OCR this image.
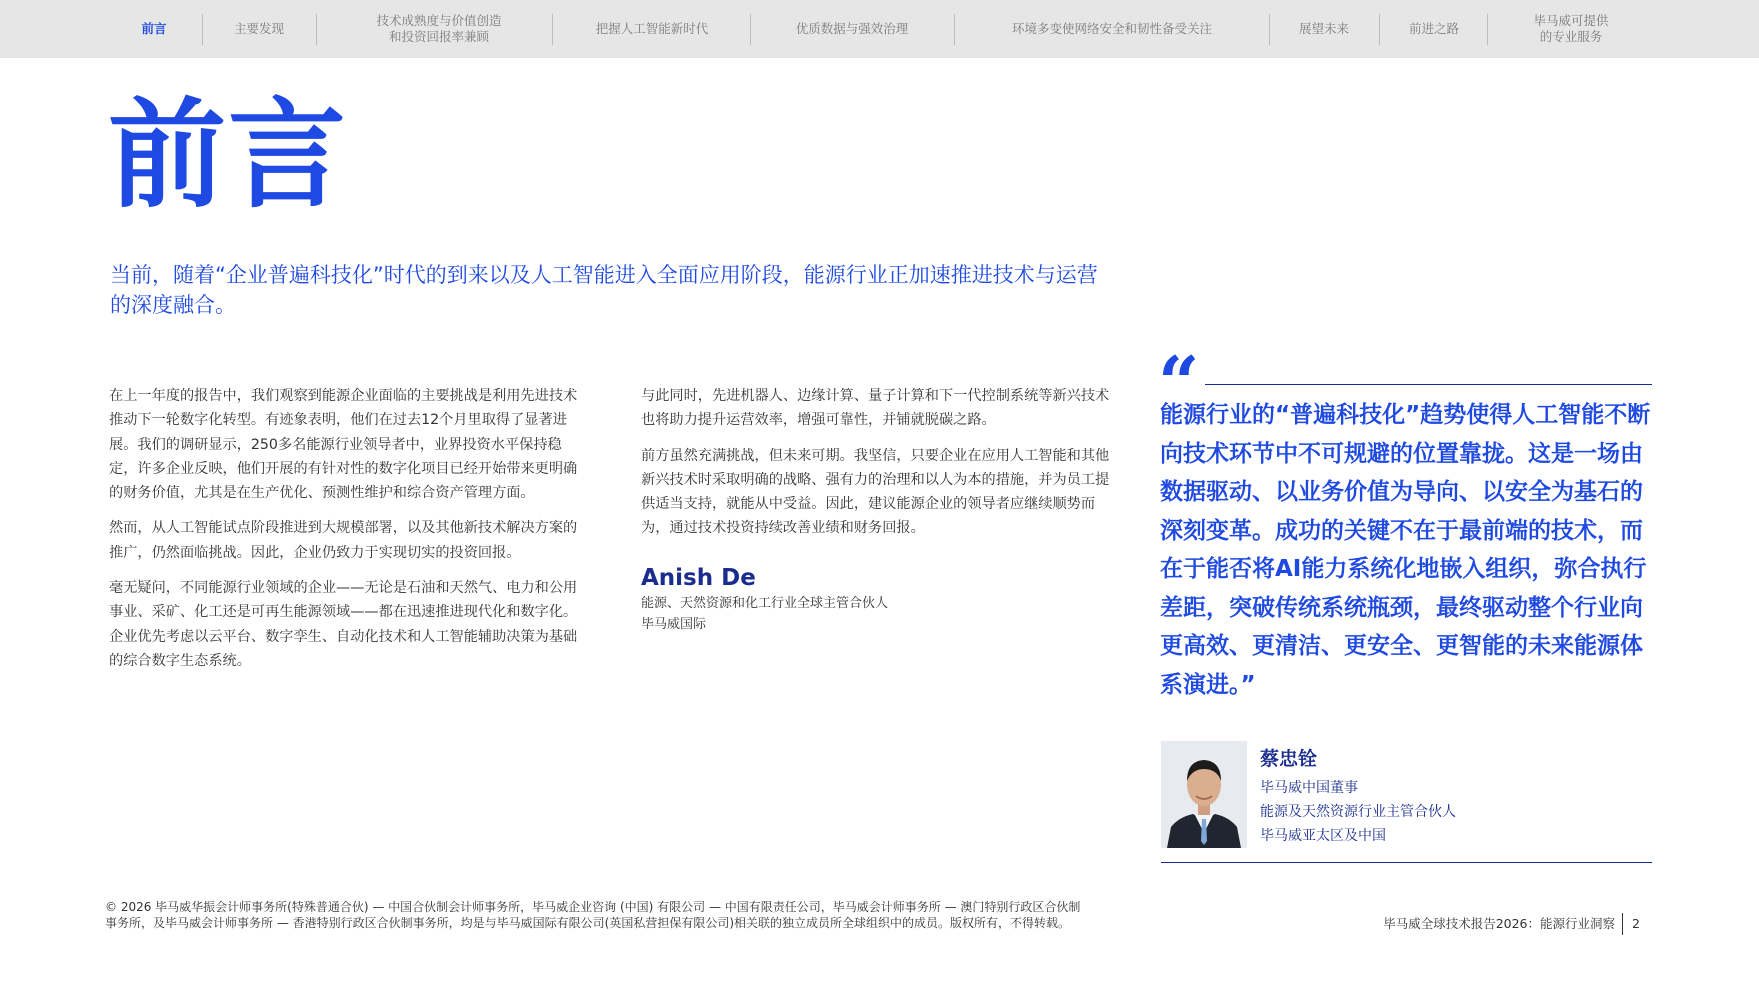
前言	主要发现
技术成熟度与价值创造
和投资回报率兼顾
把握人工智能新时代	优质数据与强效治理	环境多变使网络安全和韧性备受关注	展望未来	前进之路
毕马威可提供
的专业服务
前言
当前，随着“企业普遍科技化”时代的到来以及人工智能进入全面应用阶段，能源行业正加速推进技术与运营的深度融合。

在上一年度的报告中，我们观察到能源企业面临的主要挑战是利用先进技术推动下一轮数字化转型。有迹象表明，他们在过去12个月里取得了显著进展。我们的调研显示，250多名能源行业领导者中，业界投资水平保持稳定，许多企业反映，他们开展的有针对性的数字化项目已经开始带来更明确的财务价值，尤其是在生产优化、预测性维护和综合资产管理方面。

然而，从人工智能试点阶段推进到大规模部署，以及其他新技术解决方案的推广，仍然面临挑战。因此，企业仍致力于实现切实的投资回报。

毫无疑问，不同能源行业领域的企业——无论是石油和天然气、电力和公用事业、采矿、化工还是可再生能源领域——都在迅速推进现代化和数字化。企业优先考虑以云平台、数字孪生、自动化技术和人工智能辅助决策为基础的综合数字生态系统。

与此同时，先进机器人、边缘计算、量子计算和下一代控制系统等新兴技术也将助力提升运营效率，增强可靠性，并铺就脱碳之路。

前方虽然充满挑战，但未来可期。我坚信，只要企业在应用人工智能和其他新兴技术时采取明确的战略、强有力的治理和以人为本的措施，并为员工提供适当支持，就能从中受益。因此，建议能源企业的领导者应继续顺势而为，通过技术投资持续改善业绩和财务回报。

Anish De
能源、天然资源和化工行业全球主管合伙人
毕马威国际
“
能源行业的“普遍科技化”趋势使得人工智能不断向技术环节中不可规避的位置靠拢。这是一场由数据驱动、以业务价值为导向、以安全为基石的深刻变革。成功的关键不在于最前端的技术，而在于能否将AI能力系统化地嵌入组织，弥合执行差距，突破传统系统瓶颈，最终驱动整个行业向更高效、更清洁、更安全、更智能的未来能源体系演进。”
蔡忠铨
毕马威中国董事
能源及天然资源行业主管合伙人
毕马威亚太区及中国
© 2026 毕马威华振会计师事务所(特殊普通合伙) — 中国合伙制会计师事务所，毕马威企业咨询 (中国) 有限公司 — 中国有限责任公司，毕马威会计师事务所 — 澳门特别行政区合伙制事务所，及毕马威会计师事务所 — 香港特别行政区合伙制事务所，均是与毕马威国际有限公司(英国私营担保有限公司)相关联的独立成员所全球组织中的成员。版权所有，不得转载。	毕马威全球技术报告2026：能源行业洞察 2
